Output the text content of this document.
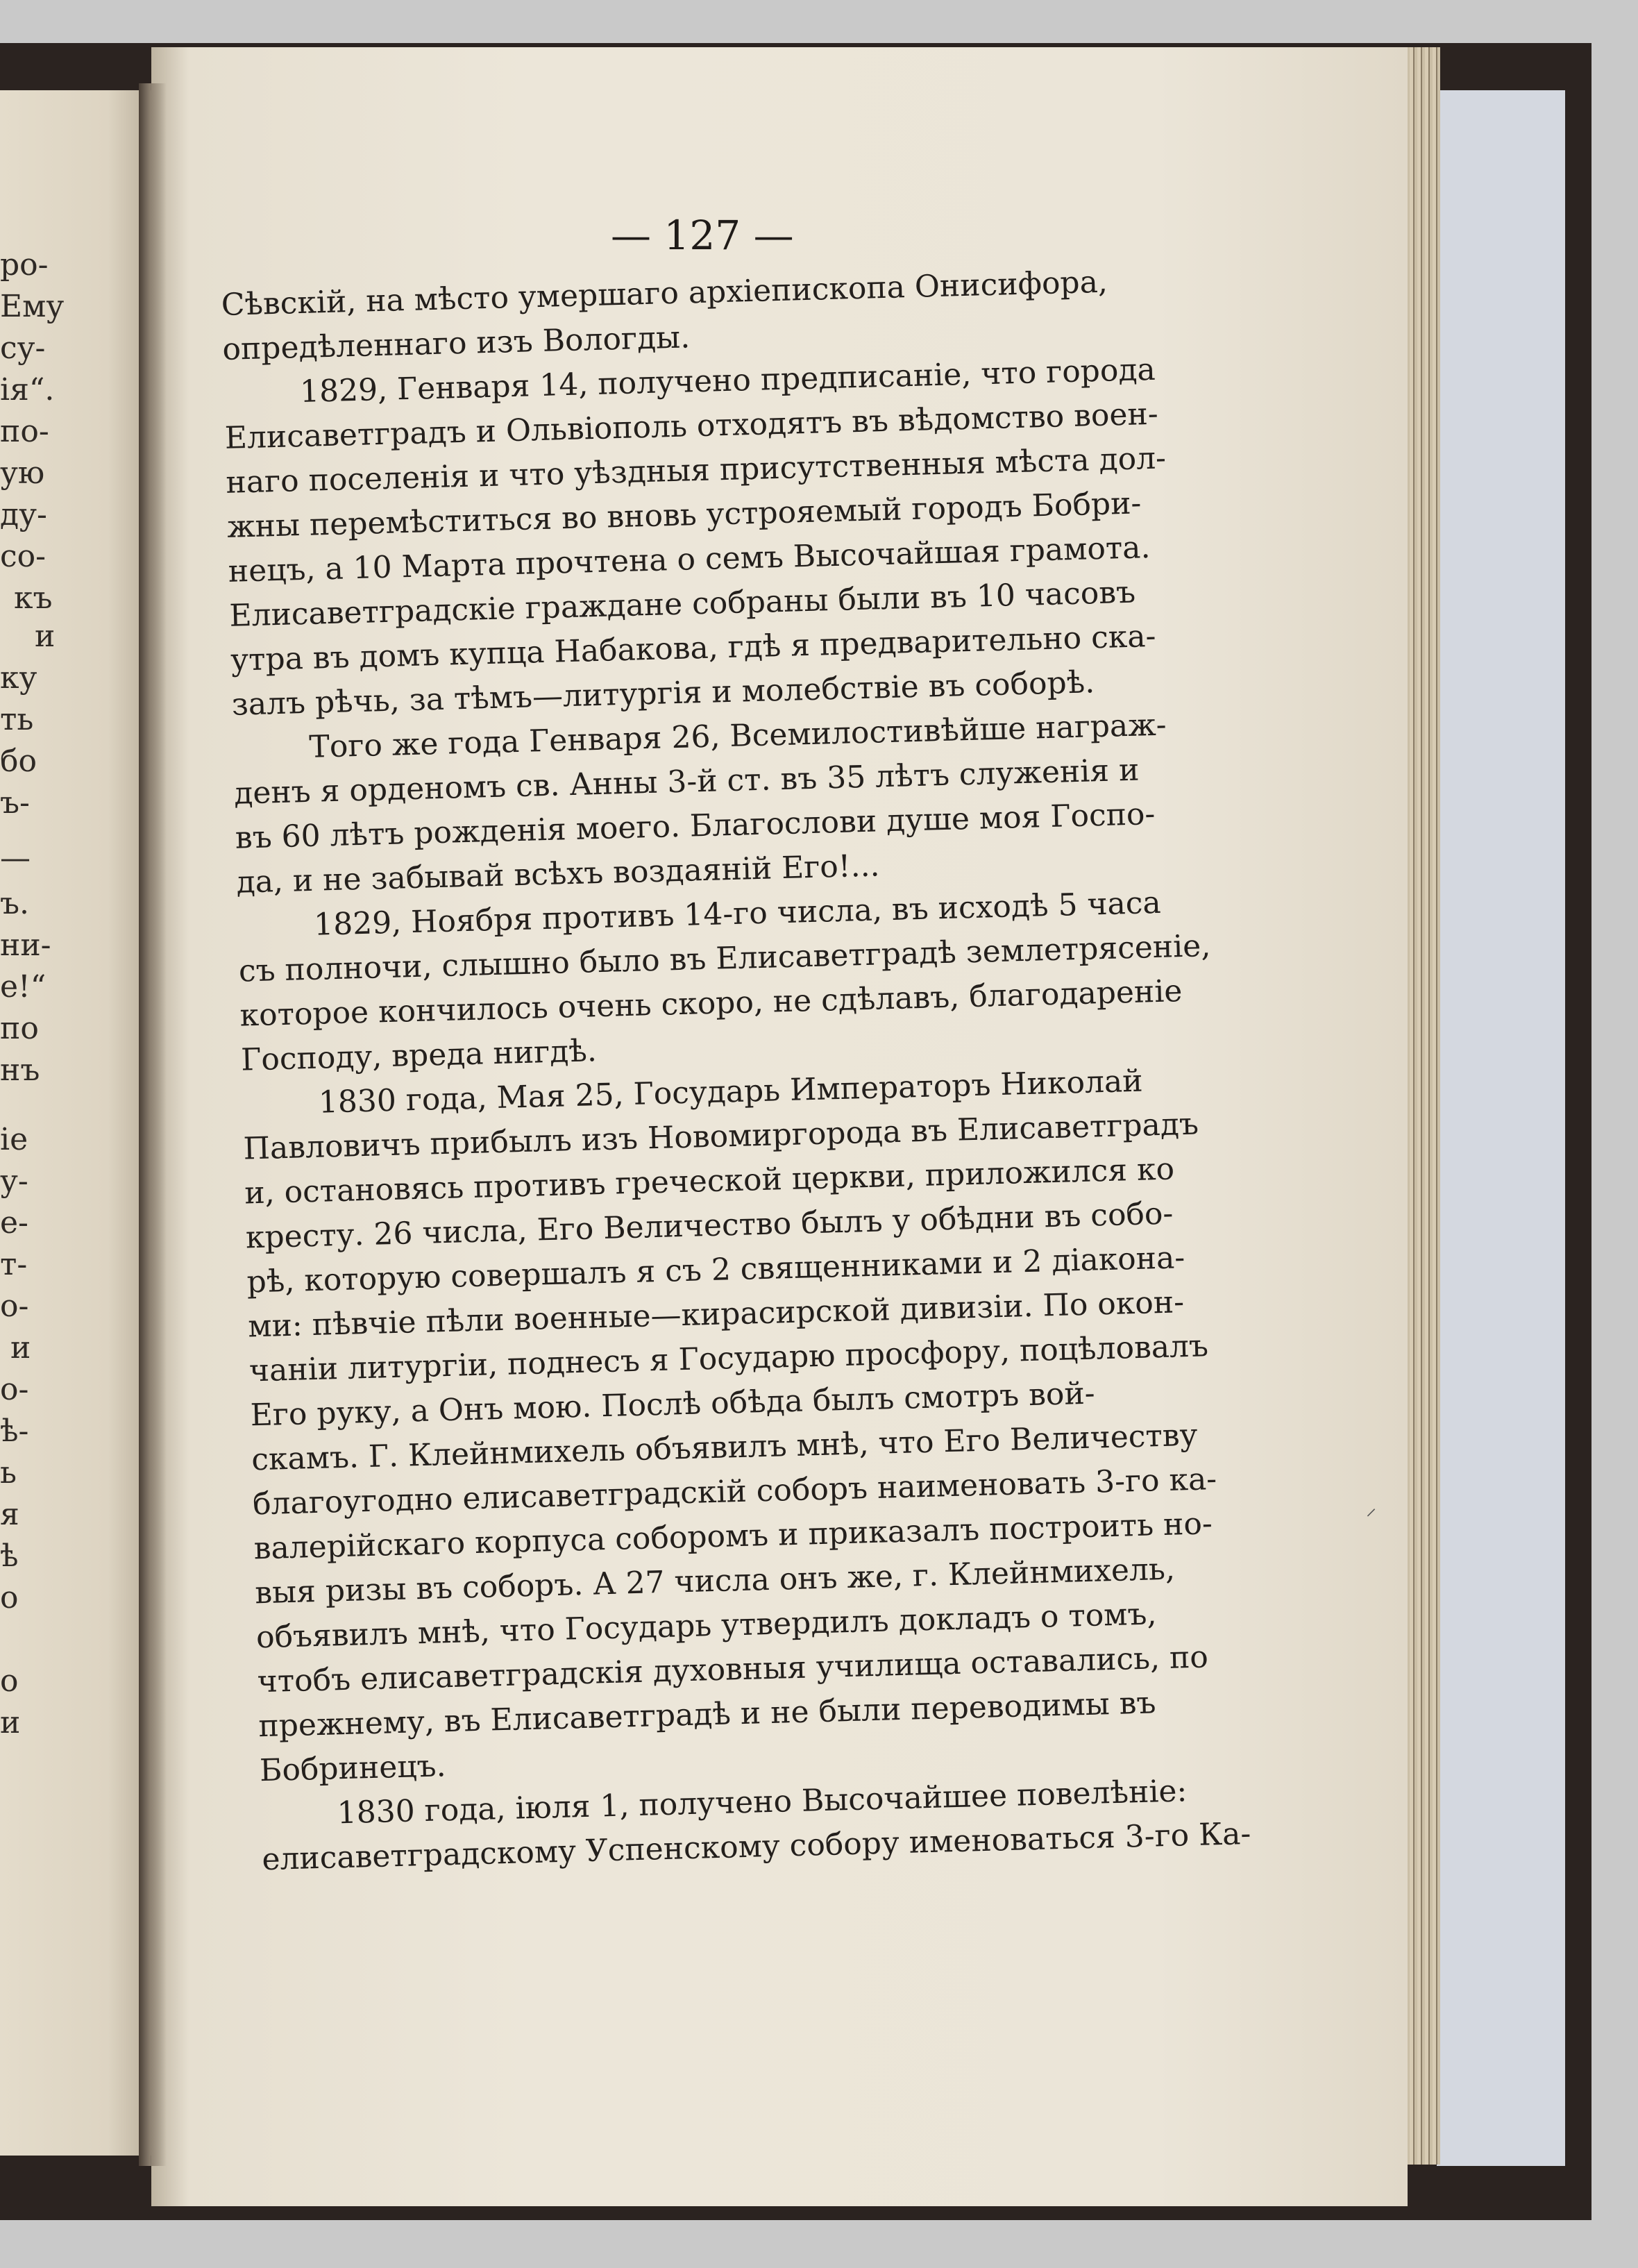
ро-
Ему
су-
ія“.
по-
ую
ду-
со-
къ
и
ку
ть
бо
ъ-
—
ъ.
ни-
е!“
по
нъ
іе
у-
е-
т-
о-
и
о-
ѣ-
ь
я
ѣ
о
о
и
— 127 —
Сѣвскій, на мѣсто умершаго архіепископа Онисифора,
опредѣленнаго изъ Вологды.
1829, Генваря 14, получено предписаніе, что города
Елисаветградъ и Ольвіополь отходятъ въ вѣдомство воен-
наго поселенія и что уѣздныя присутственныя мѣста дол-
жны перемѣститься во вновь устрояемый городъ Бобри-
нецъ, а 10 Марта прочтена о семъ Высочайшая грамота.
Елисаветградскіе граждане собраны были въ 10 часовъ
утра въ домъ купца Набакова, гдѣ я предварительно ска-
залъ рѣчь, за тѣмъ—литургія и молебствіе въ соборѣ.
Того же года Генваря 26, Всемилостивѣйше награж-
денъ я орденомъ св. Анны 3-й ст. въ 35 лѣтъ служенія и
въ 60 лѣтъ рожденія моего. Благослови душе моя Госпо-
да, и не забывай всѣхъ воздаяній Его!...
1829, Ноября противъ 14-го числа, въ исходѣ 5 часа
съ полночи, слышно было въ Елисаветградѣ землетрясеніе,
которое кончилось очень скоро, не сдѣлавъ, благодареніе
Господу, вреда нигдѣ.
1830 года, Мая 25, Государь Императоръ Николай
Павловичъ прибылъ изъ Новомиргорода въ Елисаветградъ
и, остановясь противъ греческой церкви, приложился ко
кресту. 26 числа, Его Величество былъ у обѣдни въ собо-
рѣ, которую совершалъ я съ 2 священниками и 2 діакона-
ми: пѣвчіе пѣли военные—кирасирской дивизіи. По окон-
чаніи литургіи, поднесъ я Государю просфору, поцѣловалъ
Его руку, а Онъ мою. Послѣ обѣда былъ смотръ вой-
скамъ. Г. Клейнмихель объявилъ мнѣ, что Его Величеству
благоугодно елисаветградскій соборъ наименовать 3-го ка-
валерійскаго корпуса соборомъ и приказалъ построить но-
выя ризы въ соборъ. А 27 числа онъ же, г. Клейнмихель,
объявилъ мнѣ, что Государь утвердилъ докладъ о томъ,
чтобъ елисаветградскія духовныя училища оставались, по
прежнему, въ Елисаветградѣ и не были переводимы въ
Бобринецъ.
1830 года, іюля 1, получено Высочайшее повелѣніе:
елисаветградскому Успенскому собору именоваться 3-го Ка-
⸝
